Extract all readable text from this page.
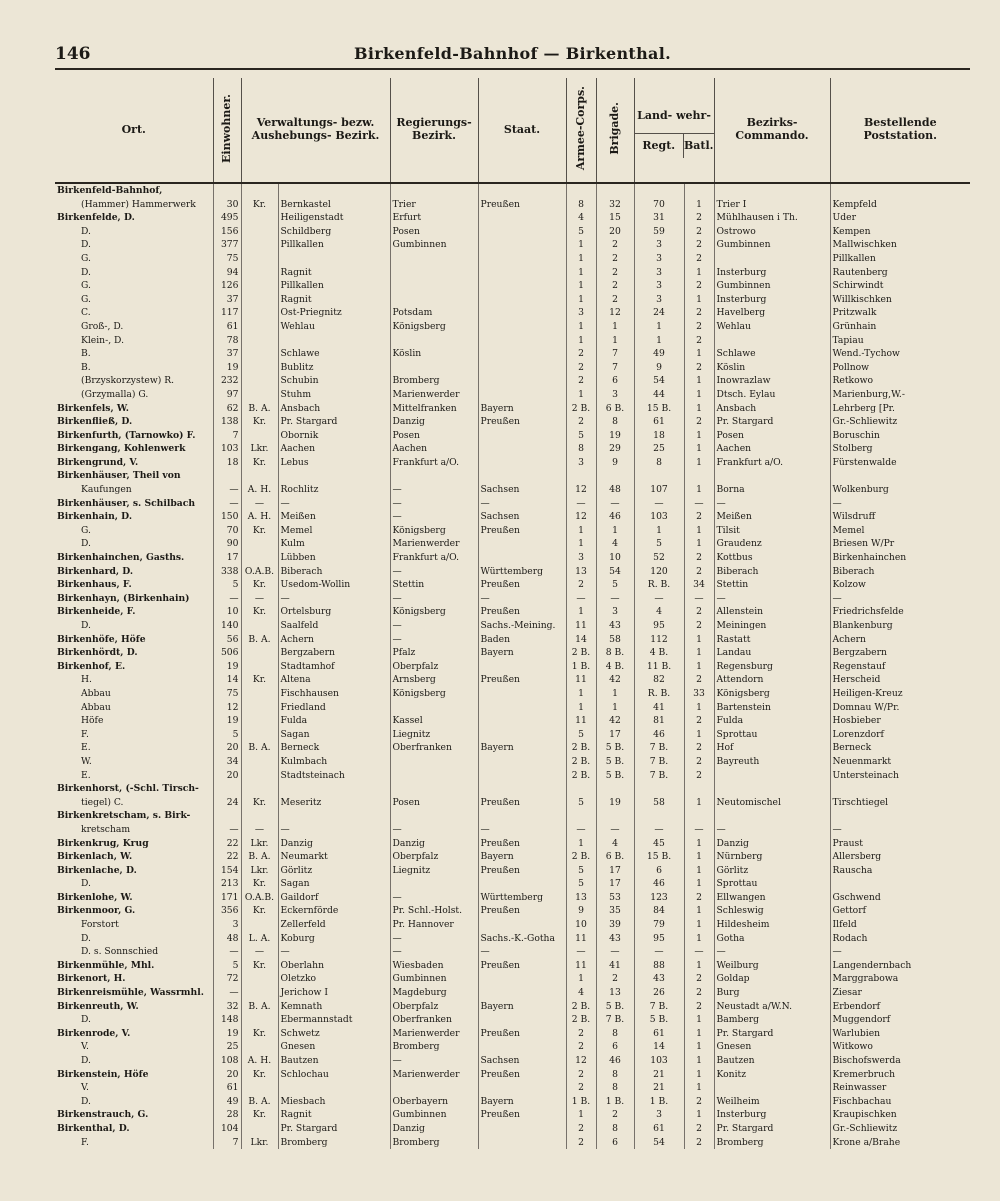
146	Birkenfeld-Bahnhof — Birkenthal.
Ort.	Einwohner.	Verwaltungs- bezw. Aushebungs- Bezirk.		Regierungs- Bezirk.	Staat.	Armee-Corps.	Brigade.	Land- wehr-
Regt. Batl.		Bezirks- Commando.	Bestellende Poststation.
Birkenfeld-Bahnhof,											
(Hammer) Hammerwerk	30	Kr.	Bernkastel	Trier	Preußen	8	32	70	1	Trier I	Kempfeld
Birkenfelde, D.	495		Heiligenstadt	Erfurt		4	15	31	2	Mühlhausen i Th.	Uder
D.	156		Schildberg	Posen		5	20	59	2	Ostrowo	Kempen
D.	377		Pillkallen	Gumbinnen		1	2	3	2	Gumbinnen	Mallwischken
G.	75					1	2	3	2		Pillkallen
D.	94		Ragnit			1	2	3	1	Insterburg	Rautenberg
G.	126		Pillkallen			1	2	3	2	Gumbinnen	Schirwindt
G.	37		Ragnit			1	2	3	1	Insterburg	Willkischken
C.	117		Ost-Priegnitz	Potsdam		3	12	24	2	Havelberg	Pritzwalk
Groß-, D.	61		Wehlau	Königsberg		1	1	1	2	Wehlau	Grünhain
Klein-, D.	78					1	1	1	2		Tapiau
B.	37		Schlawe	Köslin		2	7	49	1	Schlawe	Wend.-Tychow
B.	19		Bublitz			2	7	9	2	Köslin	Pollnow
(Brzyskorzystew) R.	232		Schubin	Bromberg		2	6	54	1	Inowrazlaw	Retkowo
(Grzymalla) G.	97		Stuhm	Marienwerder		1	3	44	1	Dtsch. Eylau	Marienburg,W.-
Birkenfels, W.	62	B. A.	Ansbach	Mittelfranken	Bayern	2 B.	6 B.	15 B.	1	Ansbach	Lehrberg [Pr.
Birkenfließ, D.	138	Kr.	Pr. Stargard	Danzig	Preußen	2	8	61	2	Pr. Stargard	Gr.-Schliewitz
Birkenfurth, (Tarnowko) F.	7		Obornik	Posen		5	19	18	1	Posen	Boruschin
Birkengang, Kohlenwerk	103	Lkr.	Aachen	Aachen		8	29	25	1	Aachen	Stolberg
Birkengrund, V.	18	Kr.	Lebus	Frankfurt a/O.		3	9	8	1	Frankfurt a/O.	Fürstenwalde
Birkenhäuser, Theil von											
Kaufungen	—	A. H.	Rochlitz	—	Sachsen	12	48	107	1	Borna	Wolkenburg
Birkenhäuser, s. Schilbach	—	—	—	—	—	—	—	—	—	—	—
Birkenhain, D.	150	A. H.	Meißen	—	Sachsen	12	46	103	2	Meißen	Wilsdruff
G.	70	Kr.	Memel	Königsberg	Preußen	1	1	1	1	Tilsit	Memel
D.	90		Kulm	Marienwerder		1	4	5	1	Graudenz	Briesen W/Pr
Birkenhainchen, Gasths.	17		Lübben	Frankfurt a/O.		3	10	52	2	Kottbus	Birkenhainchen
Birkenhard, D.	338	O.A.B.	Biberach	—	Württemberg	13	54	120	2	Biberach	Biberach
Birkenhaus, F.	5	Kr.	Usedom-Wollin	Stettin	Preußen	2	5	R. B.	34	Stettin	Kolzow
Birkenhayn, (Birkenhain)	—	—	—	—	—	—	—	—	—	—	—
Birkenheide, F.	10	Kr.	Ortelsburg	Königsberg	Preußen	1	3	4	2	Allenstein	Friedrichsfelde
D.	140		Saalfeld	—	Sachs.-Meining.	11	43	95	2	Meiningen	Blankenburg
Birkenhöfe, Höfe	56	B. A.	Achern	—	Baden	14	58	112	1	Rastatt	Achern
Birkenhördt, D.	506		Bergzabern	Pfalz	Bayern	2 B.	8 B.	4 B.	1	Landau	Bergzabern
Birkenhof, E.	19		Stadtamhof	Oberpfalz		1 B.	4 B.	11 B.	1	Regensburg	Regenstauf
H.	14	Kr.	Altena	Arnsberg	Preußen	11	42	82	2	Attendorn	Herscheid
Abbau	75		Fischhausen	Königsberg		1	1	R. B.	33	Königsberg	Heiligen-Kreuz
Abbau	12		Friedland			1	1	41	1	Bartenstein	Domnau W/Pr.
Höfe	19		Fulda	Kassel		11	42	81	2	Fulda	Hosbieber
F.	5		Sagan	Liegnitz		5	17	46	1	Sprottau	Lorenzdorf
E.	20	B. A.	Berneck	Oberfranken	Bayern	2 B.	5 B.	7 B.	2	Hof	Berneck
W.	34		Kulmbach			2 B.	5 B.	7 B.	2	Bayreuth	Neuenmarkt
E.	20		Stadtsteinach			2 B.	5 B.	7 B.	2		Untersteinach
Birkenhorst, (-Schl. Tirsch-											
tiegel) C.	24	Kr.	Meseritz	Posen	Preußen	5	19	58	1	Neutomischel	Tirschtiegel
Birkenkretscham, s. Birk-											
kretscham	—	—	—	—	—	—	—	—	—	—	—
Birkenkrug, Krug	22	Lkr.	Danzig	Danzig	Preußen	1	4	45	1	Danzig	Praust
Birkenlach, W.	22	B. A.	Neumarkt	Oberpfalz	Bayern	2 B.	6 B.	15 B.	1	Nürnberg	Allersberg
Birkenlache, D.	154	Lkr.	Görlitz	Liegnitz	Preußen	5	17	6	1	Görlitz	Rauscha
D.	213	Kr.	Sagan			5	17	46	1	Sprottau	
Birkenlohe, W.	171	O.A.B.	Gaildorf	—	Württemberg	13	53	123	2	Ellwangen	Gschwend
Birkenmoor, G.	356	Kr.	Eckernförde	Pr. Schl.-Holst.	Preußen	9	35	84	1	Schleswig	Gettorf
Forstort	3		Zellerfeld	Pr. Hannover		10	39	79	1	Hildesheim	Ilfeld
D.	48	L. A.	Koburg	—	Sachs.-K.-Gotha	11	43	95	1	Gotha	Rodach
D. s. Sonnschied	—	—	—	—	—	—	—	—	—	—	—
Birkenmühle, Mhl.	5	Kr.	Oberlahn	Wiesbaden	Preußen	11	41	88	1	Weilburg	Langendernbach
Birkenort, H.	72		Oletzko	Gumbinnen		1	2	43	2	Goldap	Marggrabowa
Birkenreismühle, Wassrmhl.	—		Jerichow I	Magdeburg		4	13	26	2	Burg	Ziesar
Birkenreuth, W.	32	B. A.	Kemnath	Oberpfalz	Bayern	2 B.	5 B.	7 B.	2	Neustadt a/W.N.	Erbendorf
D.	148		Ebermannstadt	Oberfranken		2 B.	7 B.	5 B.	1	Bamberg	Muggendorf
Birkenrode, V.	19	Kr.	Schwetz	Marienwerder	Preußen	2	8	61	1	Pr. Stargard	Warlubien
V.	25		Gnesen	Bromberg		2	6	14	1	Gnesen	Witkowo
D.	108	A. H.	Bautzen	—	Sachsen	12	46	103	1	Bautzen	Bischofswerda
Birkenstein, Höfe	20	Kr.	Schlochau	Marienwerder	Preußen	2	8	21	1	Konitz	Kremerbruch
V.	61					2	8	21	1		Reinwasser
D.	49	B. A.	Miesbach	Oberbayern	Bayern	1 B.	1 B.	1 B.	2	Weilheim	Fischbachau
Birkenstrauch, G.	28	Kr.	Ragnit	Gumbinnen	Preußen	1	2	3	1	Insterburg	Kraupischken
Birkenthal, D.	104		Pr. Stargard	Danzig		2	8	61	2	Pr. Stargard	Gr.-Schliewitz
F.	7	Lkr.	Bromberg	Bromberg		2	6	54	2	Bromberg	Krone a/Brahe
